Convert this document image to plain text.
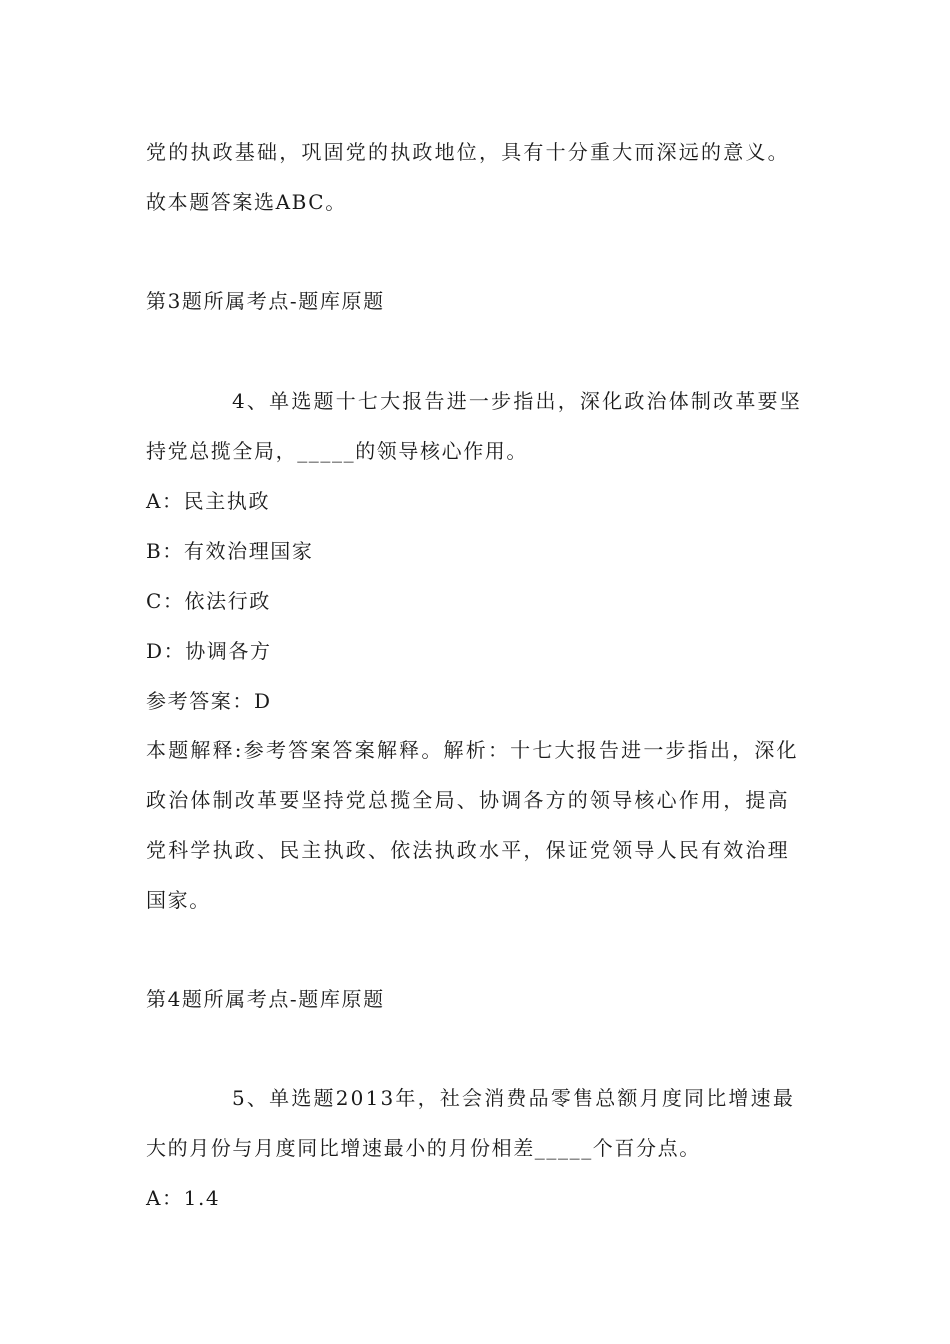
党的执政基础，巩固党的执政地位，具有十分重大而深远的意义。
故本题答案选ABC。
第3题所属考点-题库原题
4、单选题十七大报告进一步指出，深化政治体制改革要坚
持党总揽全局，_____的领导核心作用。
A：民主执政
B：有效治理国家
C：依法行政
D：协调各方
参考答案：D
本题解释:参考答案答案解释。解析：十七大报告进一步指出，深化
政治体制改革要坚持党总揽全局、协调各方的领导核心作用，提高
党科学执政、民主执政、依法执政水平，保证党领导人民有效治理
国家。
第4题所属考点-题库原题
5、单选题2013年，社会消费品零售总额月度同比增速最
大的月份与月度同比增速最小的月份相差_____个百分点。
A：1.4
